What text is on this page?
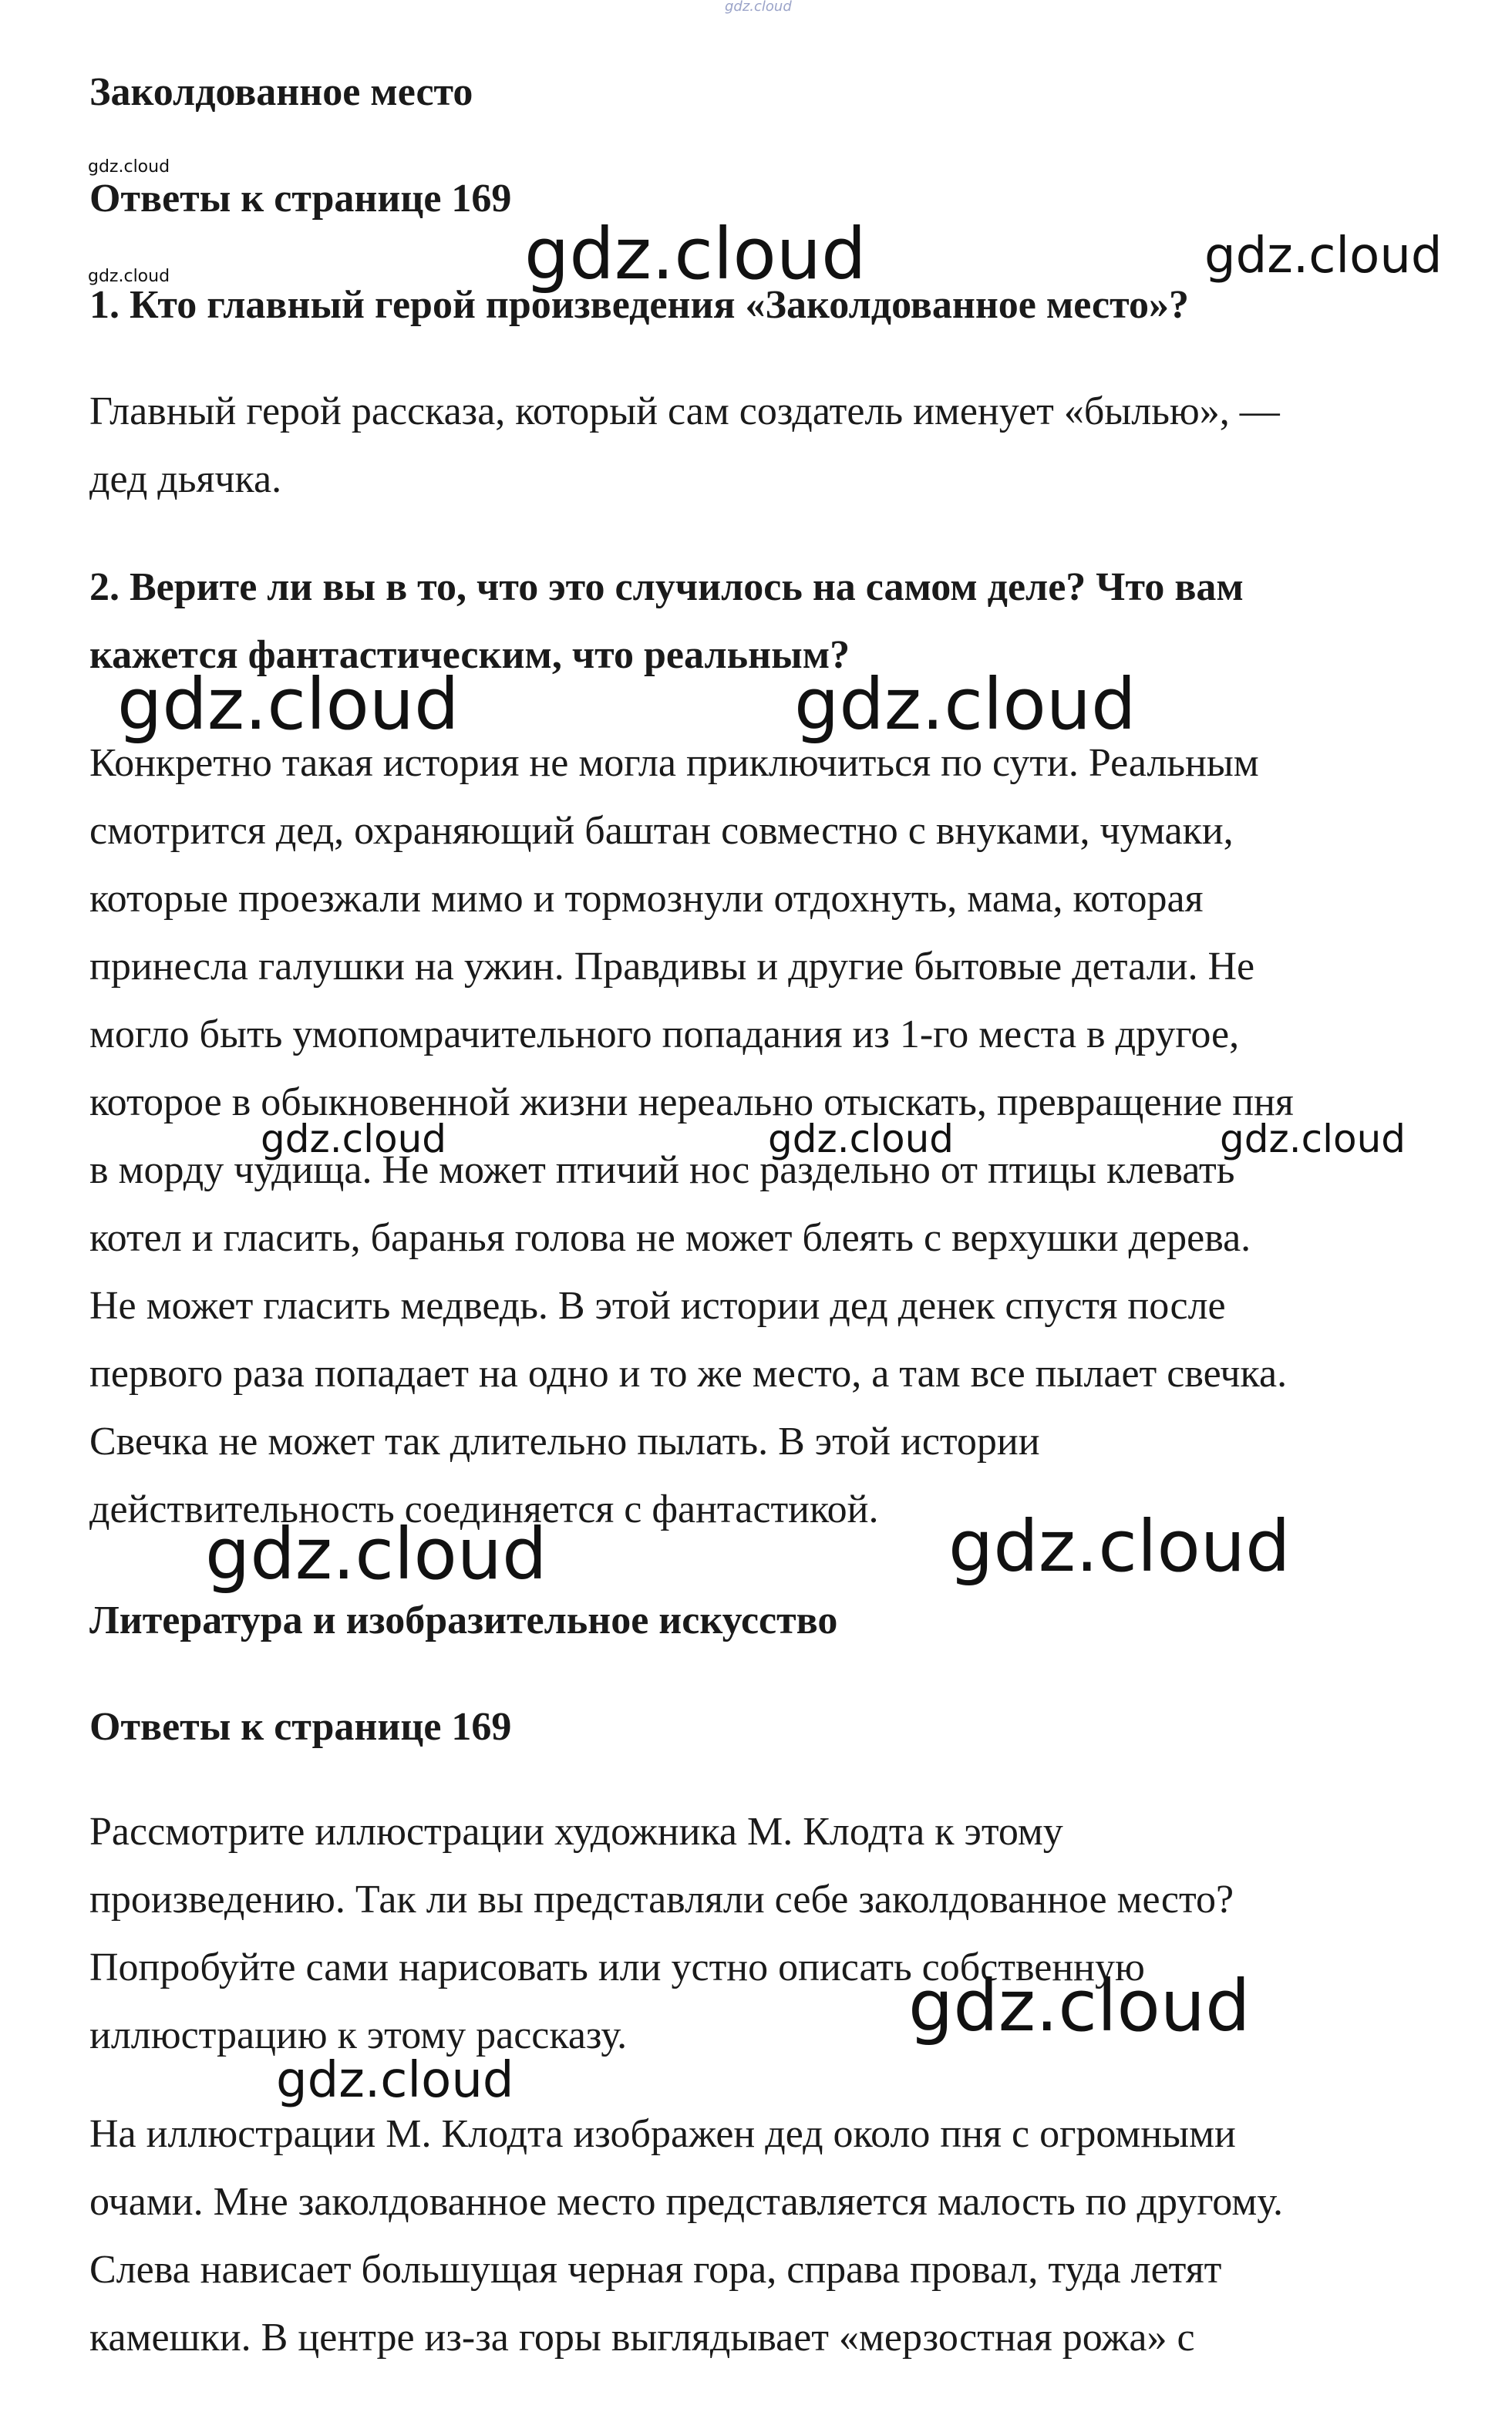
gdz.cloud
Заколдованное место
gdz.cloud
Ответы к странице 169
gdz.cloud	gdz.cloud	gdz.cloud
1. Кто главный герой произведения «Заколдованное место»?
Главный герой рассказа, который сам создатель именует «былью», —
дед дьячка.
2. Верите ли вы в то, что это случилось на самом деле? Что вам
кажется фантастическим, что реальным?
gdz.cloud	gdz.cloud
Конкретно такая история не могла приключиться по сути. Реальным
смотрится дед, охраняющий баштан совместно с внуками, чумаки,
которые проезжали мимо и тормознули отдохнуть, мама, которая
принесла галушки на ужин. Правдивы и другие бытовые детали. Не
могло быть умопомрачительного попадания из 1-го места в другое,
которое в обыкновенной жизни нереально отыскать, превращение пня
в морду чудища. Не может птичий нос раздельно от птицы клевать
котел и гласить, баранья голова не может блеять с верхушки дерева.
Не может гласить медведь. В этой истории дед денек спустя после
первого раза попадает на одно и то же место, а там все пылает свечка.
Свечка не может так длительно пылать. В этой истории
действительность соединяется с фантастикой.
gdz.cloud	gdz.cloud	gdz.cloud
gdz.cloud	gdz.cloud
Литература и изобразительное искусство
Ответы к странице 169
Рассмотрите иллюстрации художника М. Клодта к этому
произведению. Так ли вы представляли себе заколдованное место?
Попробуйте сами нарисовать или устно описать собственную
иллюстрацию к этому рассказу.	gdz.cloud
gdz.cloud
На иллюстрации М. Клодта изображен дед около пня с огромными
очами. Мне заколдованное место представляется малость по другому.
Слева нависает большущая черная гора, справа провал, туда летят
камешки. В центре из-за горы выглядывает «мерзостная рожа» с
